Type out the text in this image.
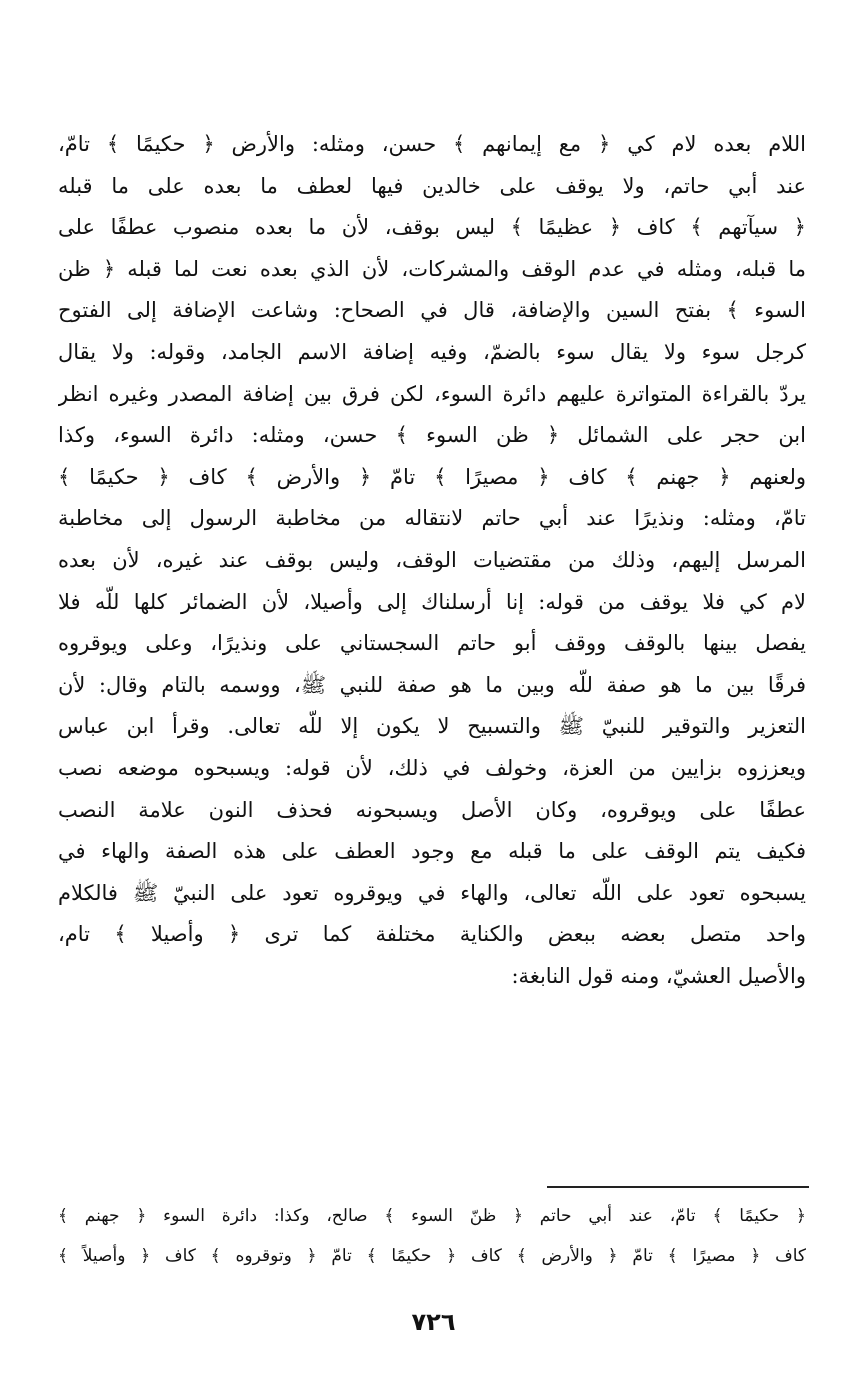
اللام بعده لام كي ﴿ مع إيمانهم ﴾ حسن، ومثله: والأرض ﴿ حكيمًا ﴾ تامّ،
عند أبي حاتم، ولا يوقف على خالدين فيها لعطف ما بعده على ما قبله
﴿ سيآتهم ﴾ كاف ﴿ عظيمًا ﴾ ليس بوقف، لأن ما بعده منصوب عطفًا على
ما قبله، ومثله في عدم الوقف والمشركات، لأن الذي بعده نعت لما قبله ﴿ ظن
السوء ﴾ بفتح السين والإضافة، قال في الصحاح: وشاعت الإضافة إلى الفتوح
كرجل سوء ولا يقال سوء بالضمّ، وفيه إضافة الاسم الجامد، وقوله: ولا يقال
يردّ بالقراءة المتواترة عليهم دائرة السوء، لكن فرق بين إضافة المصدر وغيره انظر
ابن حجر على الشمائل ﴿ ظن السوء ﴾ حسن، ومثله: دائرة السوء، وكذا
ولعنهم ﴿ جهنم ﴾ كاف ﴿ مصيرًا ﴾ تامّ ﴿ والأرض ﴾ كاف ﴿ حكيمًا ﴾
تامّ، ومثله: ونذيرًا عند أبي حاتم لانتقاله من مخاطبة الرسول إلى مخاطبة
المرسل إليهم، وذلك من مقتضيات الوقف، وليس بوقف عند غيره، لأن بعده
لام كي فلا يوقف من قوله: إنا أرسلناك إلى وأصيلا، لأن الضمائر كلها للّه فلا
يفصل بينها بالوقف ووقف أبو حاتم السجستاني على ونذيرًا، وعلى ويوقروه
فرقًا بين ما هو صفة للّه وبين ما هو صفة للنبي ﷺ، ووسمه بالتام وقال: لأن
التعزير والتوقير للنبيّ ﷺ والتسبيح لا يكون إلا للّه تعالى. وقرأ ابن عباس
ويعززوه بزايين من العزة، وخولف في ذلك، لأن قوله: ويسبحوه موضعه نصب
عطفًا على ويوقروه، وكان الأصل ويسبحونه فحذف النون علامة النصب
فكيف يتم الوقف على ما قبله مع وجود العطف على هذه الصفة والهاء في
يسبحوه تعود على اللّه تعالى، والهاء في ويوقروه تعود على النبيّ ﷺ فالكلام
واحد متصل بعضه ببعض والكناية مختلفة كما ترى ﴿ وأصيلا ﴾ تام،
والأصيل العشيّ، ومنه قول النابغة:
﴿ حكيمًا ﴾ تامّ، عند أبي حاتم ﴿ ظنّ السوء ﴾ صالح، وكذا: دائرة السوء ﴿ جهنم ﴾
كاف ﴿ مصيرًا ﴾ تامّ ﴿ والأرض ﴾ كاف ﴿ حكيمًا ﴾ تامّ ﴿ وتوقروه ﴾ كاف ﴿ وأصيلاً ﴾
٧٢٦
